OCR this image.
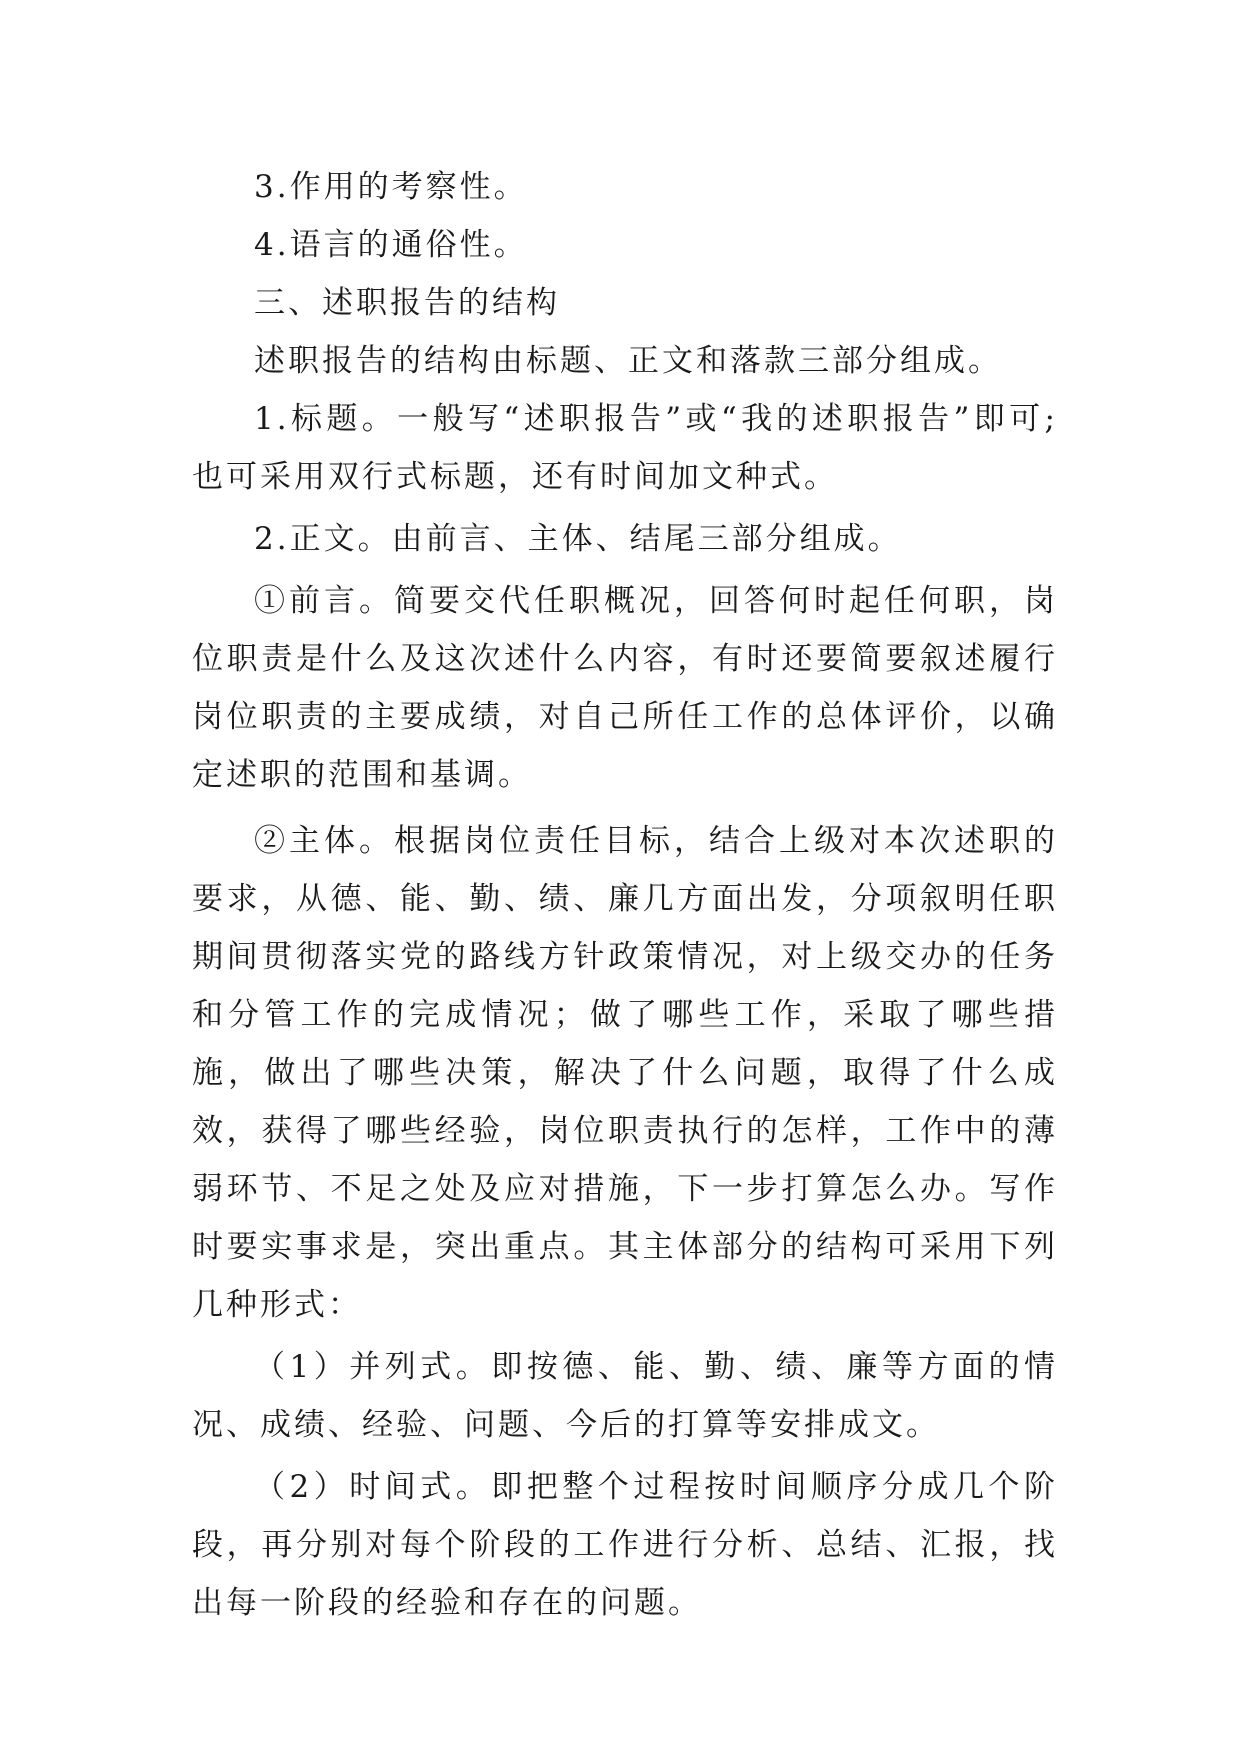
3.作用的考察性。

4.语言的通俗性。

三、述职报告的结构

述职报告的结构由标题、正文和落款三部分组成。

1.标题。一般写“述职报告”或“我的述职报告”即可;也可采用双行式标题，还有时间加文种式。

2.正文。由前言、主体、结尾三部分组成。

①前言。简要交代任职概况，回答何时起任何职，岗位职责是什么及这次述什么内容，有时还要简要叙述履行岗位职责的主要成绩，对自己所任工作的总体评价，以确定述职的范围和基调。

②主体。根据岗位责任目标，结合上级对本次述职的要求，从德、能、勤、绩、廉几方面出发，分项叙明任职期间贯彻落实党的路线方针政策情况，对上级交办的任务和分管工作的完成情况；做了哪些工作，采取了哪些措施，做出了哪些决策，解决了什么问题，取得了什么成效，获得了哪些经验，岗位职责执行的怎样，工作中的薄弱环节、不足之处及应对措施，下一步打算怎么办。写作时要实事求是，突出重点。其主体部分的结构可采用下列几种形式：

（1）并列式。即按德、能、勤、绩、廉等方面的情况、成绩、经验、问题、今后的打算等安排成文。

（2）时间式。即把整个过程按时间顺序分成几个阶段，再分别对每个阶段的工作进行分析、总结、汇报，找出每一阶段的经验和存在的问题。
